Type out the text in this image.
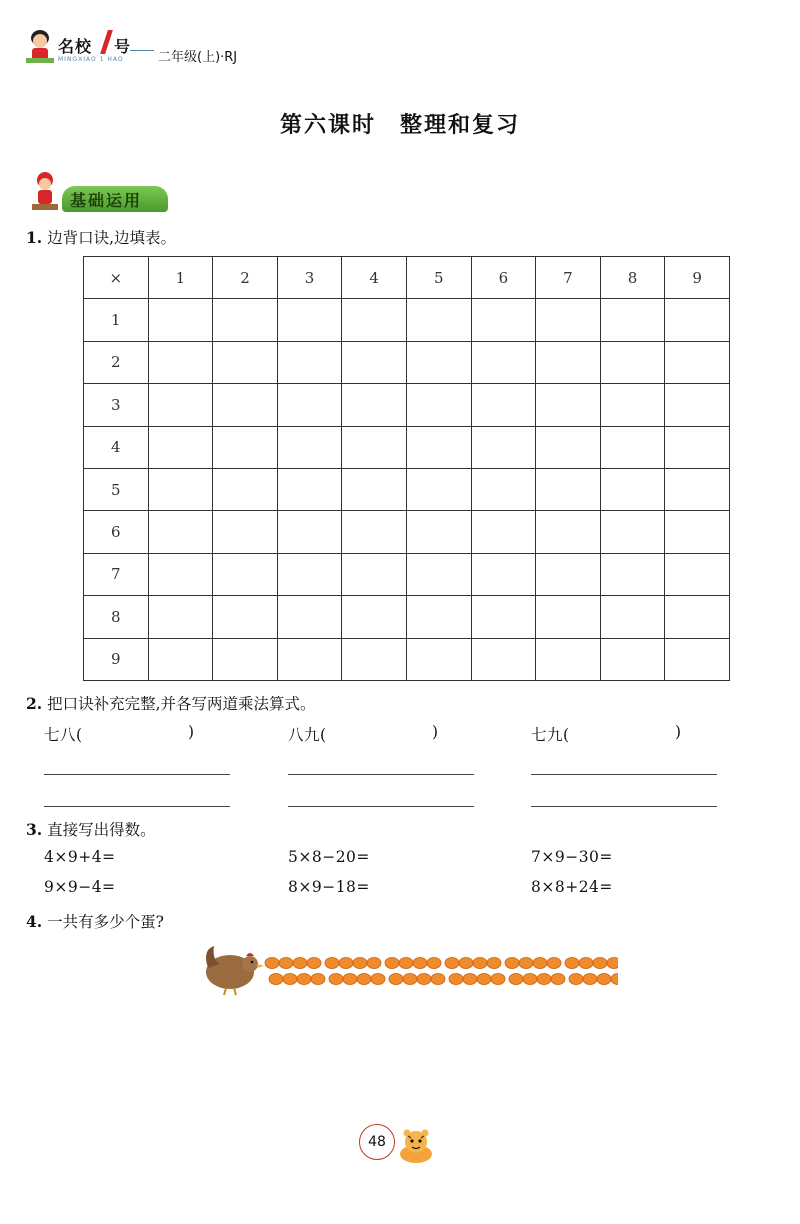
名校 号
MINGXIAO 1 HAO	二年级(上)·RJ
第六课时　整理和复习
基础运用
1. 边背口诀,边填表。
×	1	2	3	4	5	6	7	8	9
1									
2									
3									
4									
5									
6									
7									
8									
9									
2. 把口诀补充完整,并各写两道乘法算式。
七八(	)	八九(	)	七九(	)
3. 直接写出得数。
4×9+4=	5×8−20=	7×9−30=
9×9−4=	8×9−18=	8×8+24=
4. 一共有多少个蛋?
48
